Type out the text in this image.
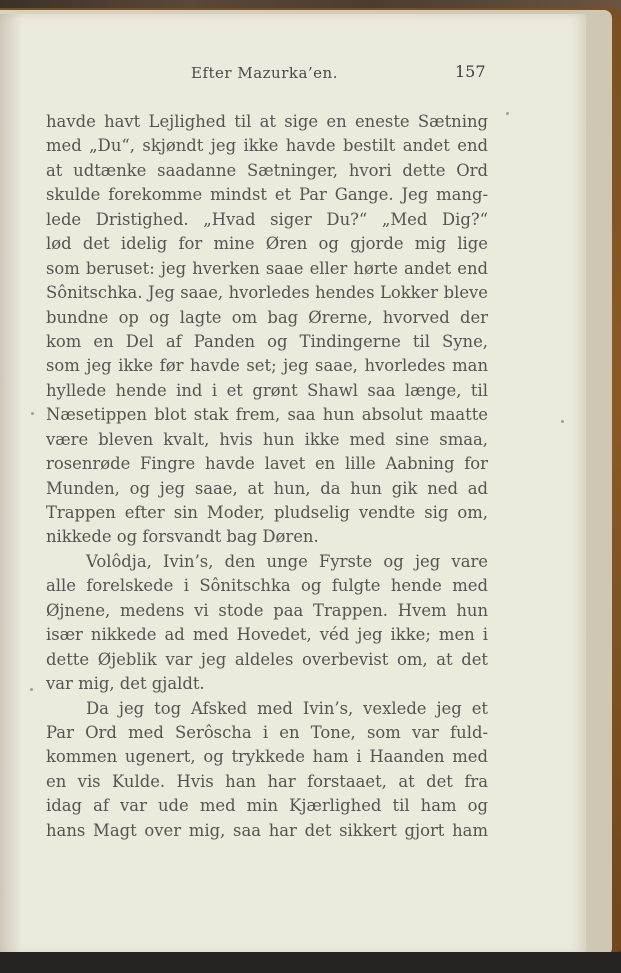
Efter Mazurka’en.	157
havde havt Lejlighed til at sige en eneste Sætning
med „Du“, skjøndt jeg ikke havde bestilt andet end
at udtænke saadanne Sætninger, hvori dette Ord
skulde forekomme mindst et Par Gange. Jeg mang-
lede Dristighed. „Hvad siger Du?“ „Med Dig?“
lød det idelig for mine Øren og gjorde mig lige
som beruset: jeg hverken saae eller hørte andet end
Sônitschka. Jeg saae, hvorledes hendes Lokker bleve
bundne op og lagte om bag Ørerne, hvorved der
kom en Del af Panden og Tindingerne til Syne,
som jeg ikke før havde set; jeg saae, hvorledes man
hyllede hende ind i et grønt Shawl saa længe, til
Næsetippen blot stak frem, saa hun absolut maatte
være bleven kvalt, hvis hun ikke med sine smaa,
rosenrøde Fingre havde lavet en lille Aabning for
Munden, og jeg saae, at hun, da hun gik ned ad
Trappen efter sin Moder, pludselig vendte sig om,
nikkede og forsvandt bag Døren.
Volôdja, Ivin’s, den unge Fyrste og jeg vare
alle forelskede i Sônitschka og fulgte hende med
Øjnene, medens vi stode paa Trappen. Hvem hun
især nikkede ad med Hovedet, véd jeg ikke; men i
dette Øjeblik var jeg aldeles overbevist om, at det
var mig, det gjaldt.
Da jeg tog Afsked med Ivin’s, vexlede jeg et
Par Ord med Serôscha i en Tone, som var fuld-
kommen ugenert, og trykkede ham i Haanden med
en vis Kulde. Hvis han har forstaaet, at det fra
idag af var ude med min Kjærlighed til ham og
hans Magt over mig, saa har det sikkert gjort ham
